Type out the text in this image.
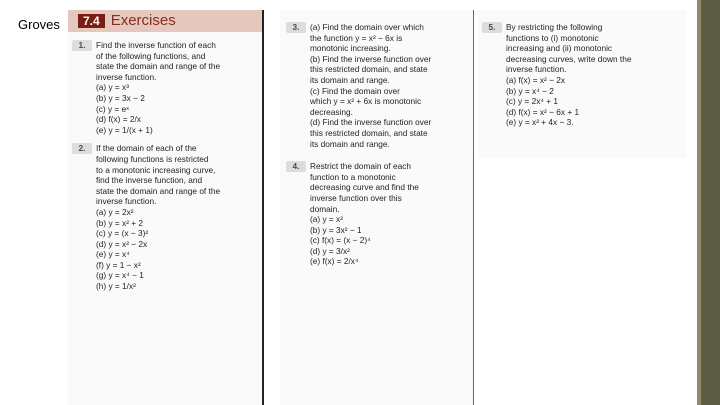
Groves	7.4 Exercises
1.	Find the inverse function of each
of the following functions, and
state the domain and range of the
inverse function.
(a) y = x³
(b) y = 3x − 2
(c) y = eˣ
(d) f(x) = 2/x
(e) y = 1/(x + 1)
2.	If the domain of each of the
following functions is restricted
to a monotonic increasing curve,
find the inverse function, and
state the domain and range of the
inverse function.
(a) y = 2x²
(b) y = x² + 2
(c) y = (x − 3)²
(d) y = x² − 2x
(e) y = x⁴
(f) y = 1 − x²
(g) y = x⁴ − 1
(h) y = 1/x²
3.	(a) Find the domain over which
the function y = x² − 6x is
monotonic increasing.
(b) Find the inverse function over
this restricted domain, and state
its domain and range.
(c) Find the domain over
which y = x² + 6x is monotonic
decreasing.
(d) Find the inverse function over
this restricted domain, and state
its domain and range.
4.	Restrict the domain of each
function to a monotonic
decreasing curve and find the
inverse function over this
domain.
(a) y = x²
(b) y = 3x² − 1
(c) f(x) = (x − 2)⁴
(d) y = 3/x²
(e) f(x) = 2/x⁴
5.	By restricting the following
functions to (i) monotonic
increasing and (ii) monotonic
decreasing curves, write down the
inverse function.
(a) f(x) = x² − 2x
(b) y = x⁴ − 2
(c) y = 2x⁴ + 1
(d) f(x) = x² − 6x + 1
(e) y = x² + 4x − 3.
